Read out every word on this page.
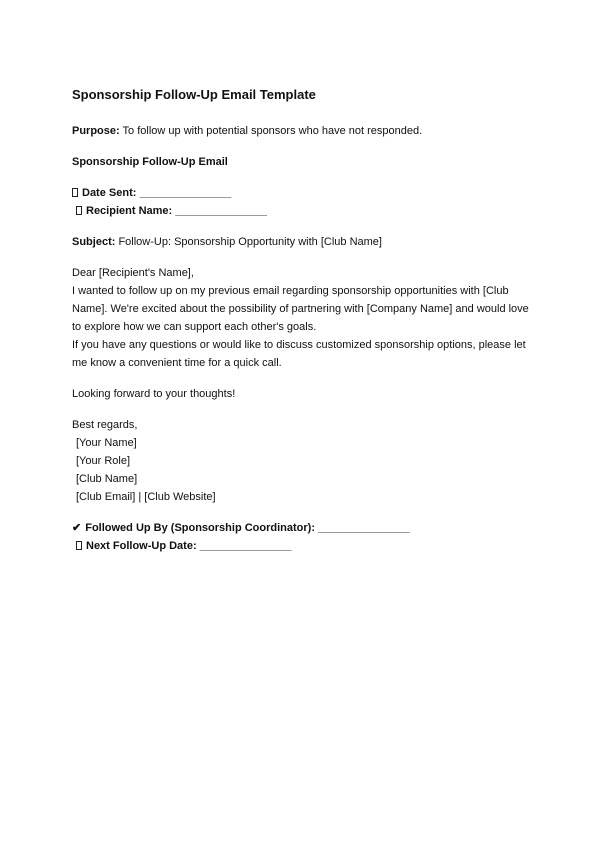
Sponsorship Follow-Up Email Template

Purpose: To follow up with potential sponsors who have not responded.

Sponsorship Follow-Up Email

Date Sent: _______________

Recipient Name: _______________

Subject: Follow-Up: Sponsorship Opportunity with [Club Name]

Dear [Recipient's Name],

I wanted to follow up on my previous email regarding sponsorship opportunities with [Club Name]. We're excited about the possibility of partnering with [Company Name] and would love to explore how we can support each other's goals.

If you have any questions or would like to discuss customized sponsorship options, please let me know a convenient time for a quick call.

Looking forward to your thoughts!

Best regards,
[Your Name]
[Your Role]
[Club Name]
[Club Email] | [Club Website]

✔ Followed Up By (Sponsorship Coordinator): _______________

Next Follow-Up Date: _______________
